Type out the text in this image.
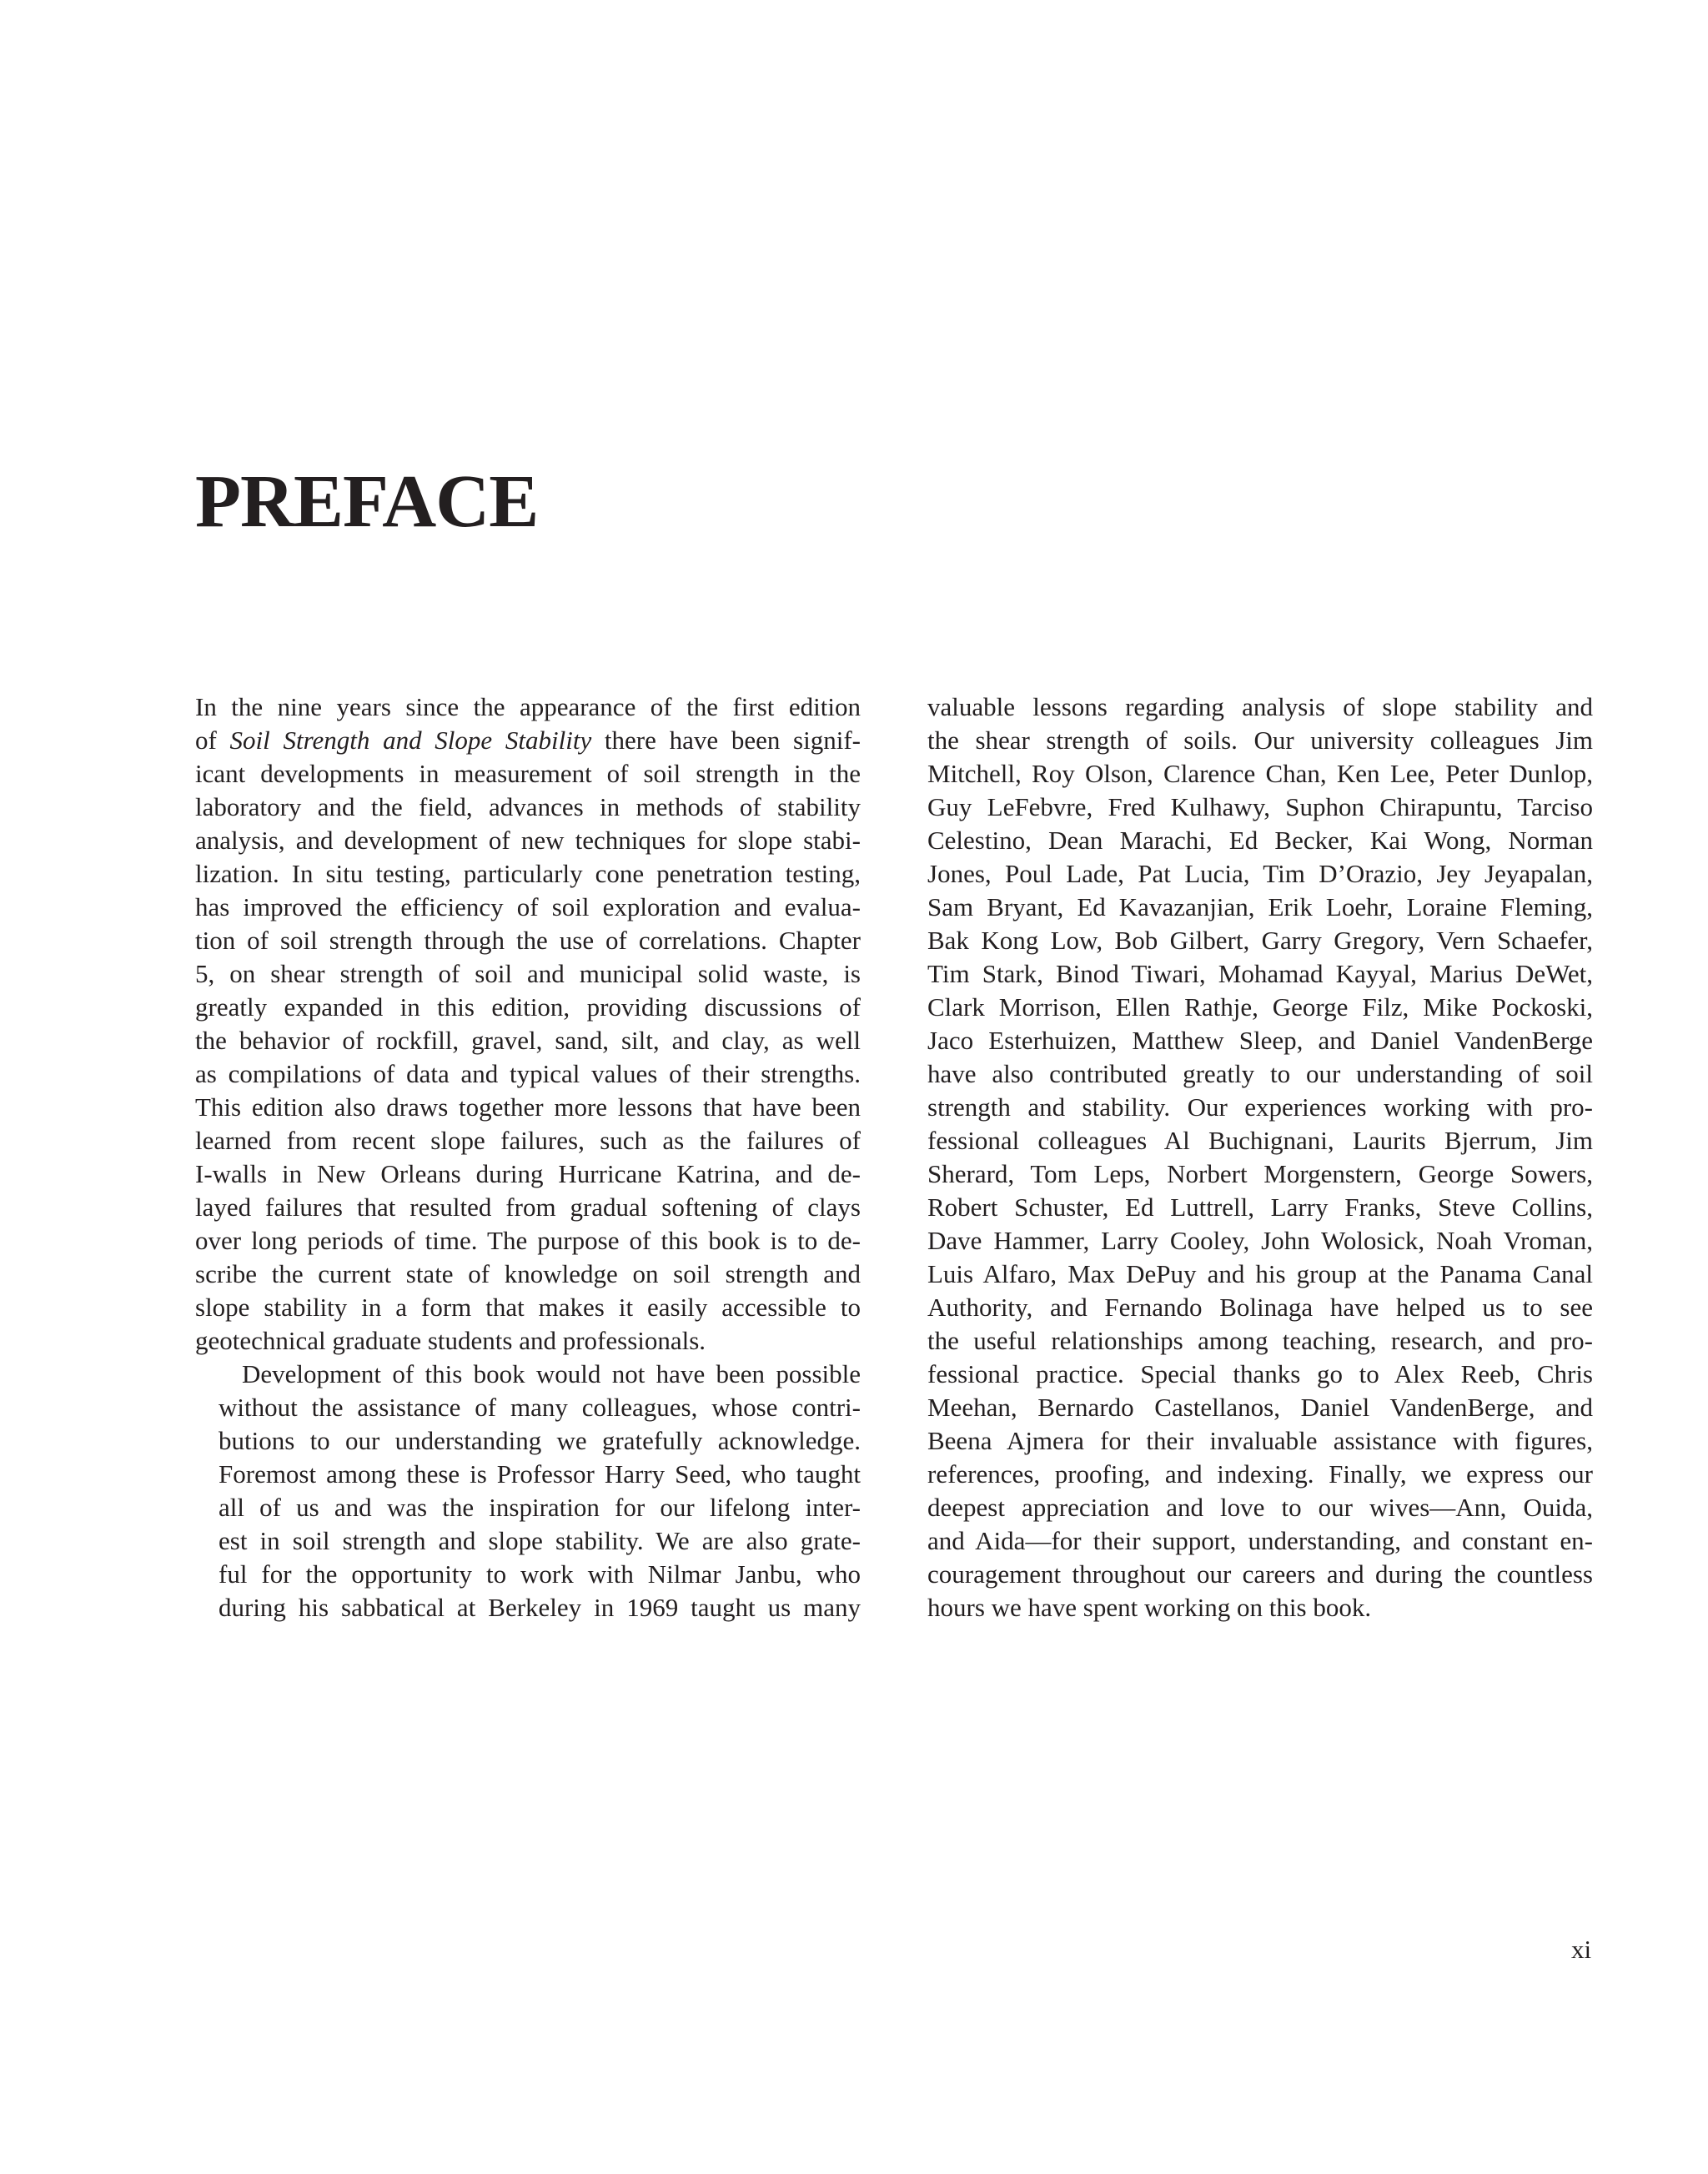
PREFACE

In the nine years since the appearance of the first edition
of Soil Strength and Slope Stability there have been signif-
icant developments in measurement of soil strength in the
laboratory and the field, advances in methods of stability
analysis, and development of new techniques for slope stabi-
lization. In situ testing, particularly cone penetration testing,
has improved the efficiency of soil exploration and evalua-
tion of soil strength through the use of correlations. Chapter
5, on shear strength of soil and municipal solid waste, is
greatly expanded in this edition, providing discussions of
the behavior of rockfill, gravel, sand, silt, and clay, as well
as compilations of data and typical values of their strengths.
This edition also draws together more lessons that have been
learned from recent slope failures, such as the failures of
I-walls in New Orleans during Hurricane Katrina, and de-
layed failures that resulted from gradual softening of clays
over long periods of time. The purpose of this book is to de-
scribe the current state of knowledge on soil strength and
slope stability in a form that makes it easily accessible to
geotechnical graduate students and professionals.

Development of this book would not have been possible
without the assistance of many colleagues, whose contri-
butions to our understanding we gratefully acknowledge.
Foremost among these is Professor Harry Seed, who taught
all of us and was the inspiration for our lifelong inter-
est in soil strength and slope stability. We are also grate-
ful for the opportunity to work with Nilmar Janbu, who
during his sabbatical at Berkeley in 1969 taught us many

valuable lessons regarding analysis of slope stability and
the shear strength of soils. Our university colleagues Jim
Mitchell, Roy Olson, Clarence Chan, Ken Lee, Peter Dunlop,
Guy LeFebvre, Fred Kulhawy, Suphon Chirapuntu, Tarciso
Celestino, Dean Marachi, Ed Becker, Kai Wong, Norman
Jones, Poul Lade, Pat Lucia, Tim D’Orazio, Jey Jeyapalan,
Sam Bryant, Ed Kavazanjian, Erik Loehr, Loraine Fleming,
Bak Kong Low, Bob Gilbert, Garry Gregory, Vern Schaefer,
Tim Stark, Binod Tiwari, Mohamad Kayyal, Marius DeWet,
Clark Morrison, Ellen Rathje, George Filz, Mike Pockoski,
Jaco Esterhuizen, Matthew Sleep, and Daniel VandenBerge
have also contributed greatly to our understanding of soil
strength and stability. Our experiences working with pro-
fessional colleagues Al Buchignani, Laurits Bjerrum, Jim
Sherard, Tom Leps, Norbert Morgenstern, George Sowers,
Robert Schuster, Ed Luttrell, Larry Franks, Steve Collins,
Dave Hammer, Larry Cooley, John Wolosick, Noah Vroman,
Luis Alfaro, Max DePuy and his group at the Panama Canal
Authority, and Fernando Bolinaga have helped us to see
the useful relationships among teaching, research, and pro-
fessional practice. Special thanks go to Alex Reeb, Chris
Meehan, Bernardo Castellanos, Daniel VandenBerge, and
Beena Ajmera for their invaluable assistance with figures,
references, proofing, and indexing. Finally, we express our
deepest appreciation and love to our wives—Ann, Ouida,
and Aida—for their support, understanding, and constant en-
couragement throughout our careers and during the countless
hours we have spent working on this book.

xi
